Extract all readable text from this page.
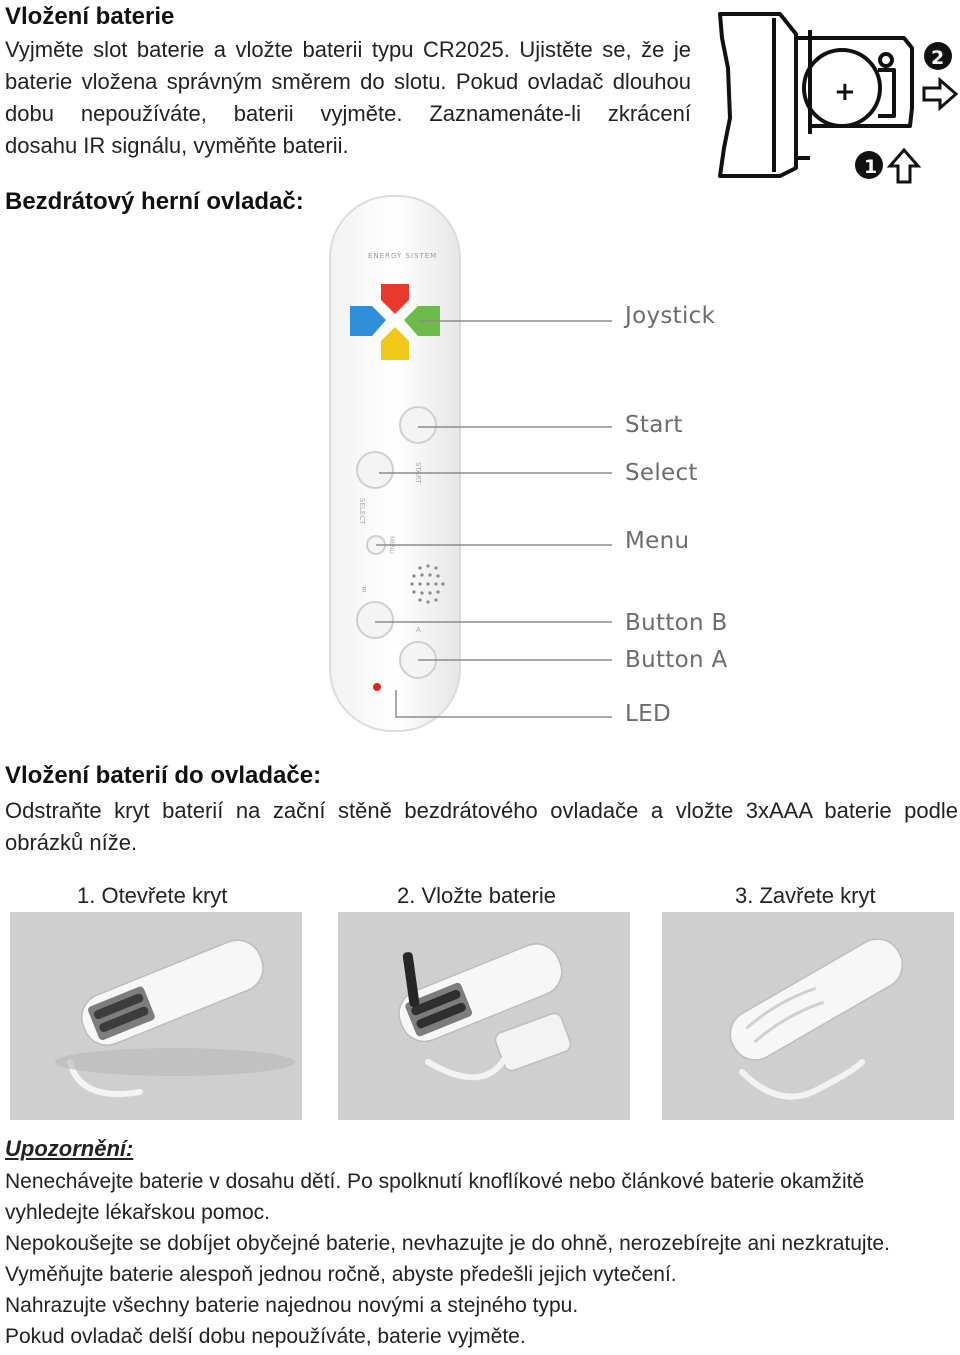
Vložení baterie

Vyjměte slot baterie a vložte baterii typu CR2025. Ujistěte se, že je

baterie vložena správným směrem do slotu. Pokud ovladač dlouhou

dobu nepoužíváte, baterii vyjměte. Zaznamenáte-li zkrácení

dosahu IR signálu, vyměňte baterii.

+
2
1
Bezdrátový herní ovladač:
ENERGY SISTEM
START
SELECT
MENU
B
A
Joystick
Start
Select
Menu
Button B
Button A
LED
Vložení baterií do ovladače:

Odstraňte kryt baterií na zační stěně bezdrátového ovladače a vložte 3xAAA baterie podle

obrázků níže.

1. Otevřete kryt	2. Vložte baterie	3. Zavřete kryt
Upozornění:

Nenechávejte baterie v dosahu dětí. Po spolknutí knoflíkové nebo článkové baterie okamžitě

vyhledejte lékařskou pomoc.

Nepokoušejte se dobíjet obyčejné baterie, nevhazujte je do ohně, nerozebírejte ani nezkratujte.

Vyměňujte baterie alespoň jednou ročně, abyste předešli jejich vytečení.

Nahrazujte všechny baterie najednou novými a stejného typu.

Pokud ovladač delší dobu nepoužíváte, baterie vyjměte.
